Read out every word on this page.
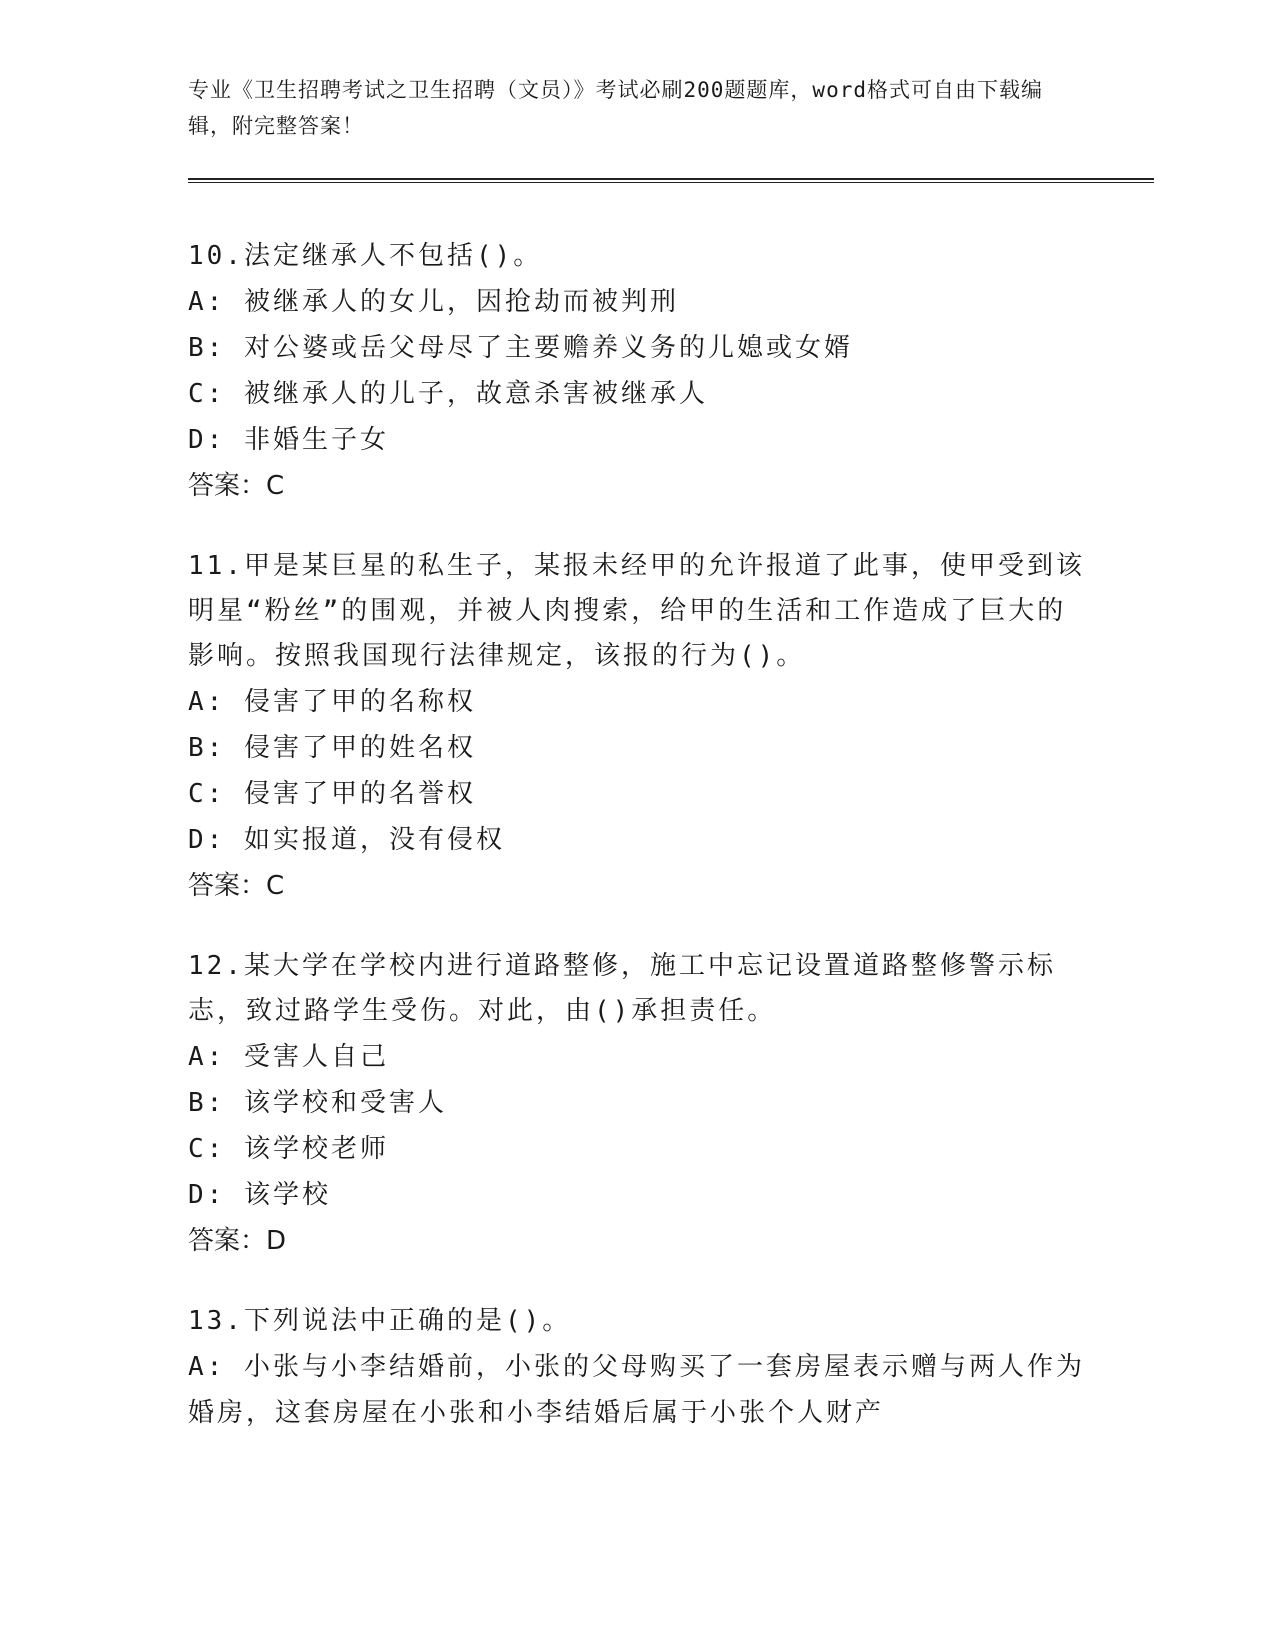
专业《卫生招聘考试之卫生招聘（文员）》考试必刷200题题库，word格式可自由下载编辑，附完整答案！

10.法定继承人不包括()。

A: 被继承人的女儿，因抢劫而被判刑

B: 对公婆或岳父母尽了主要赡养义务的儿媳或女婿

C: 被继承人的儿子，故意杀害被继承人

D: 非婚生子女

答案：C

11.甲是某巨星的私生子，某报未经甲的允许报道了此事，使甲受到该明星“粉丝”的围观，并被人肉搜索，给甲的生活和工作造成了巨大的影响。按照我国现行法律规定，该报的行为()。

A: 侵害了甲的名称权

B: 侵害了甲的姓名权

C: 侵害了甲的名誉权

D: 如实报道，没有侵权

答案：C

12.某大学在学校内进行道路整修，施工中忘记设置道路整修警示标志，致过路学生受伤。对此，由()承担责任。

A: 受害人自己

B: 该学校和受害人

C: 该学校老师

D: 该学校

答案：D

13.下列说法中正确的是()。

A: 小张与小李结婚前，小张的父母购买了一套房屋表示赠与两人作为婚房，这套房屋在小张和小李结婚后属于小张个人财产
